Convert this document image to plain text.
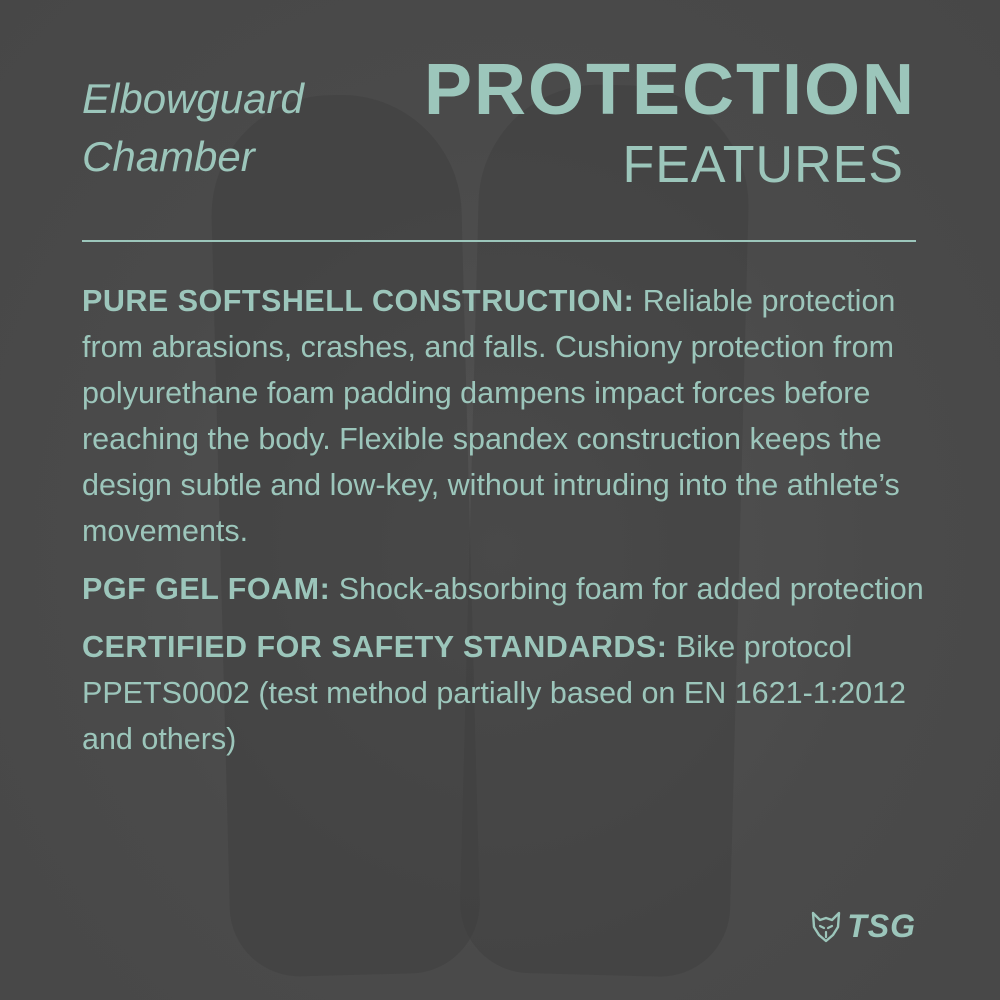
Elbowguard
Chamber
PROTECTION
FEATURES

PURE SOFTSHELL CONSTRUCTION: Reliable protection from abrasions, crashes, and falls. Cushiony protection from polyurethane foam padding dampens impact forces before reaching the body. Flexible spandex construction keeps the design subtle and low-key, without intruding into the athlete’s movements.

PGF GEL FOAM: Shock-absorbing foam for added protection

CERTIFIED FOR SAFETY STANDARDS: Bike protocol PPETS0002 (test method partially based on EN 1621-1:2012 and others)

TSG
